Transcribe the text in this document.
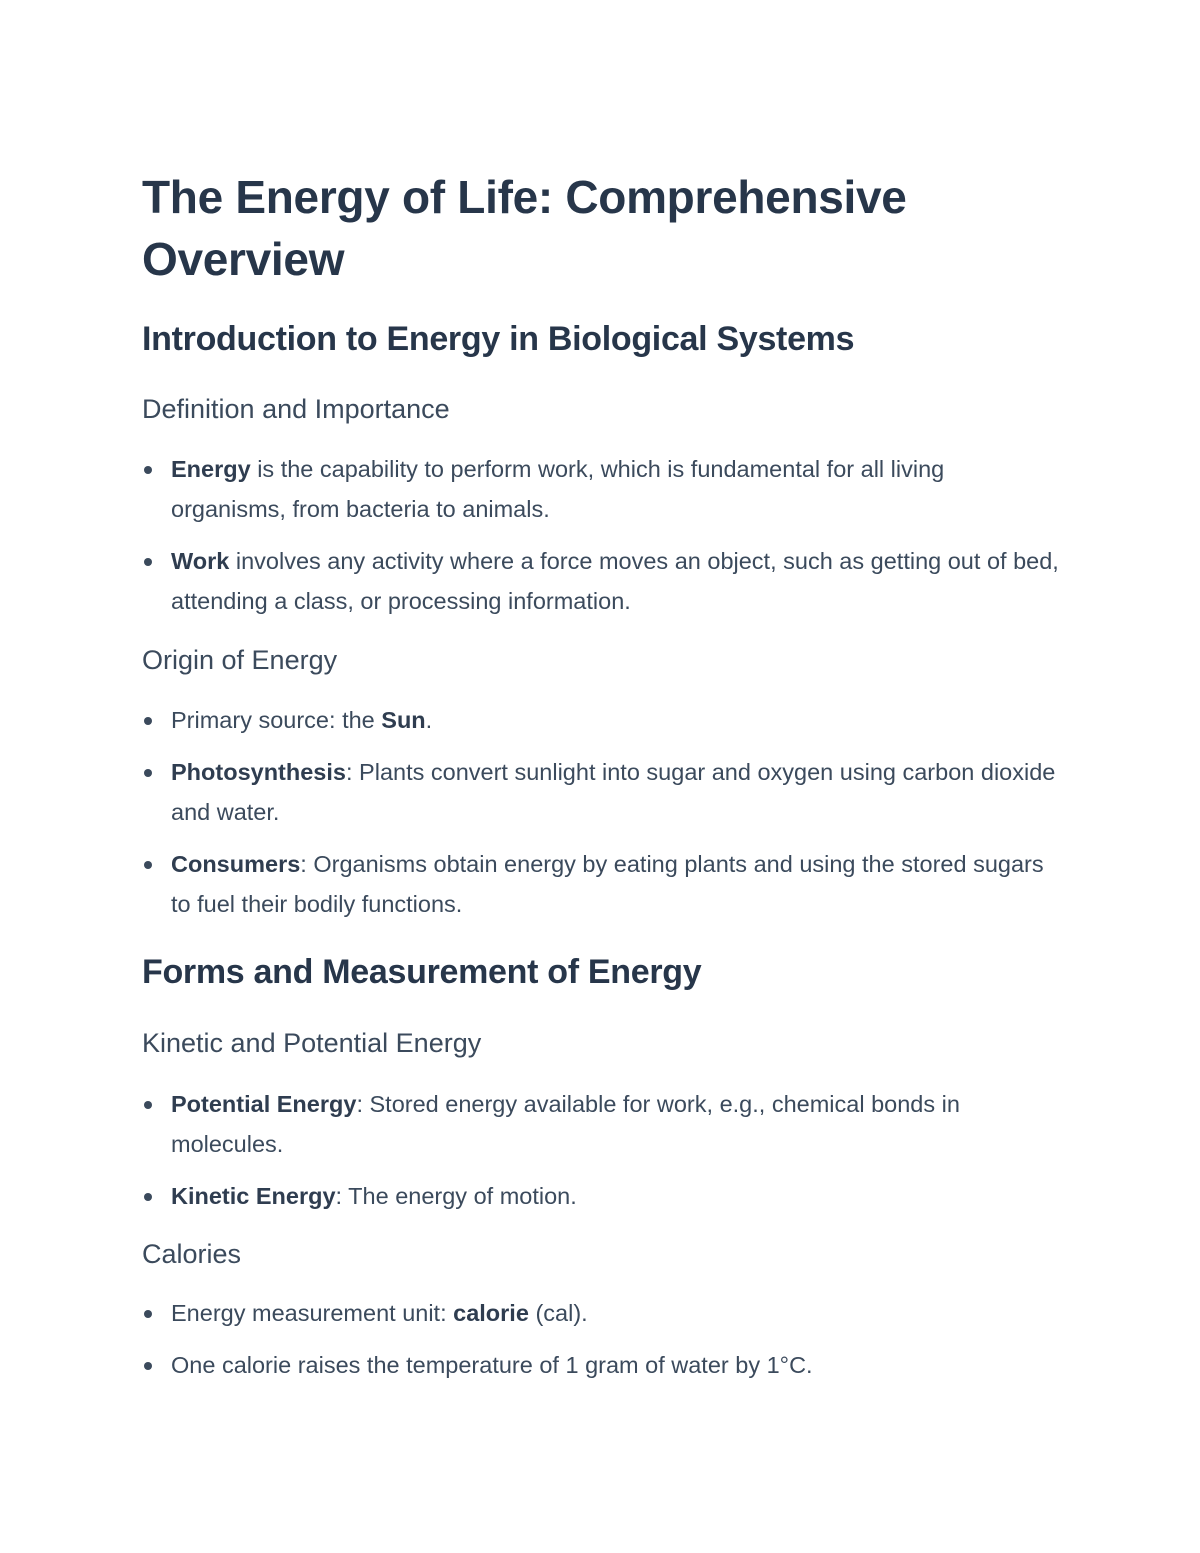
The Energy of Life: Comprehensive Overview
Introduction to Energy in Biological Systems
Definition and Importance
Energy is the capability to perform work, which is fundamental for all living organisms, from bacteria to animals.
Work involves any activity where a force moves an object, such as getting out of bed, attending a class, or processing information.
Origin of Energy
Primary source: the Sun.
Photosynthesis: Plants convert sunlight into sugar and oxygen using carbon dioxide and water.
Consumers: Organisms obtain energy by eating plants and using the stored sugars to fuel their bodily functions.
Forms and Measurement of Energy
Kinetic and Potential Energy
Potential Energy: Stored energy available for work, e.g., chemical bonds in molecules.
Kinetic Energy: The energy of motion.
Calories
Energy measurement unit: calorie (cal).
One calorie raises the temperature of 1 gram of water by 1°C.
